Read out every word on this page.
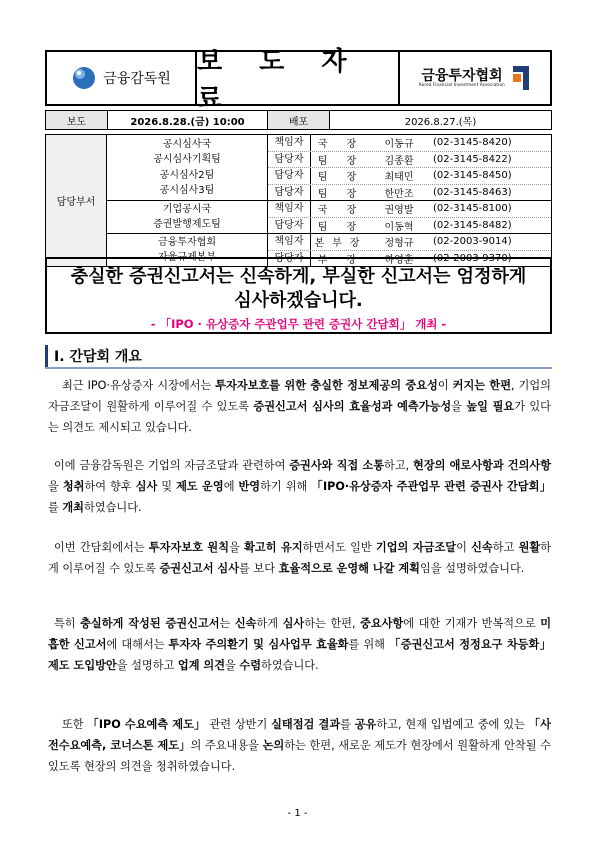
금융감독원
보 도 자 료
금융투자협회
Korea Financial Investment Association
보도	2026.8.28.(금) 10:00	배포	2026.8.27.(목)
담당부서
공시심사국
공시심사기획팀
공시심사2팀
공시심사3팀
책임자	국 장	이동규	(02-3145-8420)
담당자	팀 장	김종환	(02-3145-8422)
담당자	팀 장	최태민	(02-3145-8450)
담당자	팀 장	한만조	(02-3145-8463)
기업공시국
증권발행제도팀
책임자	국 장	권영발	(02-3145-8100)
담당자	팀 장	이동혁	(02-3145-8482)
금융투자협회
자율규제본부
책임자	본부장	정형규	(02-2003-9014)
담당자	부 장	하영훈	(02-2003-9370)
충실한 증권신고서는 신속하게, 부실한 신고서는 엄정하게
심사하겠습니다.
- 「IPO · 유상증자 주관업무 관련 증권사 간담회」 개최 -
Ⅰ. 간담회 개요
최근 IPO·유상증자 시장에서는 투자자보호를 위한 충실한 정보제공의 중요성이 커지는 한편, 기업의 자금조달이 원활하게 이루어질 수 있도록 증권신고서 심사의 효율성과 예측가능성을 높일 필요가 있다는 의견도 제시되고 있습니다.
이에 금융감독원은 기업의 자금조달과 관련하여 증권사와 직접 소통하고, 현장의 애로사항과 건의사항을 청취하여 향후 심사 및 제도 운영에 반영하기 위해 「IPO·유상증자 주관업무 관련 증권사 간담회」를 개최하였습니다.
이번 간담회에서는 투자자보호 원칙을 확고히 유지하면서도 일반 기업의 자금조달이 신속하고 원활하게 이루어질 수 있도록 증권신고서 심사를 보다 효율적으로 운영해 나갈 계획임을 설명하였습니다.
특히 충실하게 작성된 증권신고서는 신속하게 심사하는 한편, 중요사항에 대한 기재가 반복적으로 미흡한 신고서에 대해서는 투자자 주의환기 및 심사업무 효율화를 위해 「증권신고서 정정요구 차등화」 제도 도입방안을 설명하고 업계 의견을 수렴하였습니다.
또한 「IPO 수요예측 제도」 관련 상반기 실태점검 결과를 공유하고, 현재 입법예고 중에 있는 「사전수요예측, 코너스톤 제도」의 주요내용을 논의하는 한편, 새로운 제도가 현장에서 원활하게 안착될 수 있도록 현장의 의견을 청취하였습니다.
- 1 -
